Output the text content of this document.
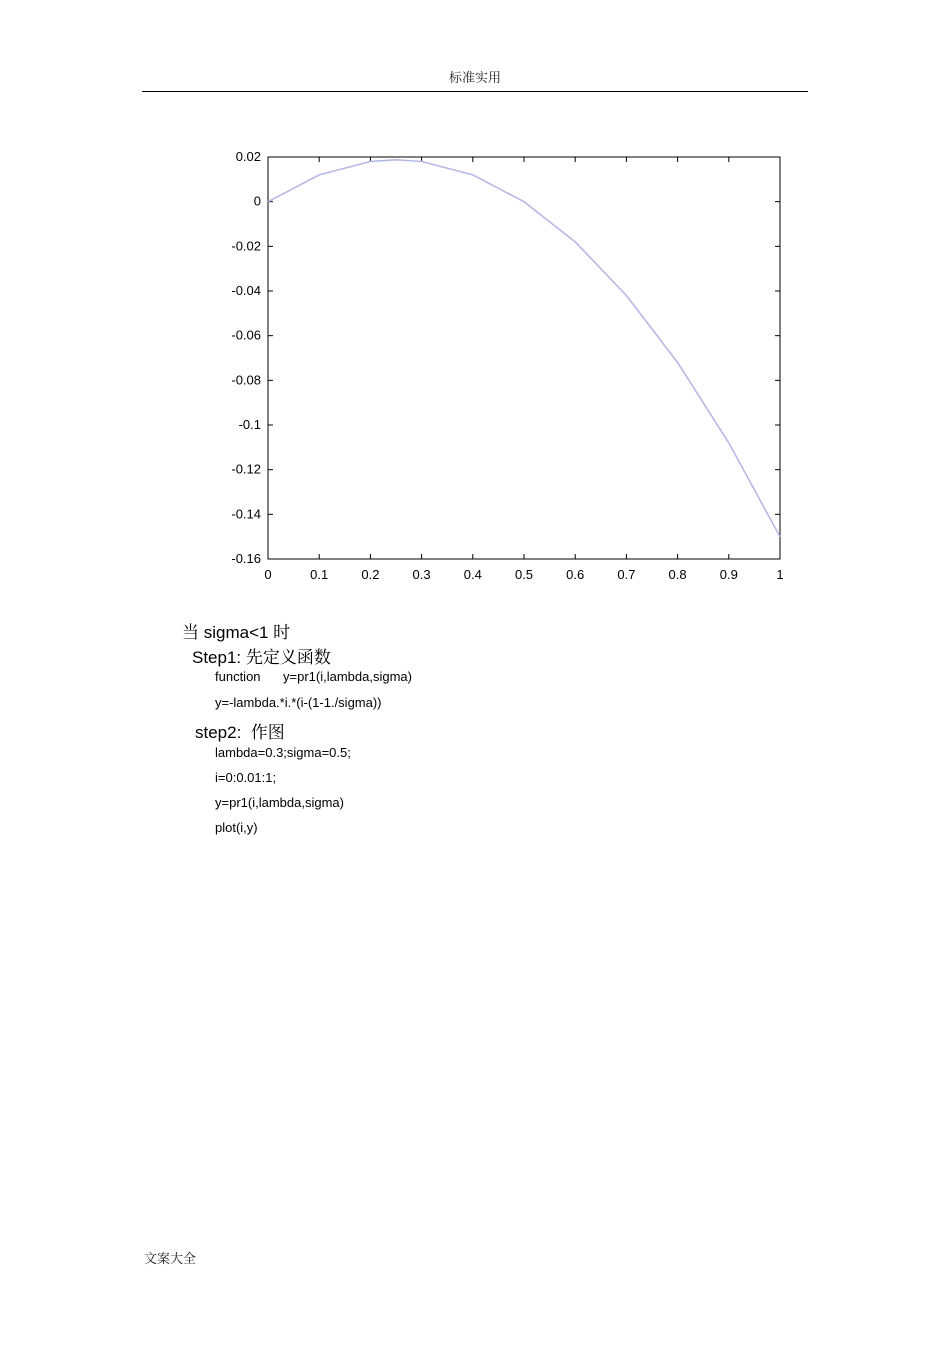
标准实用
0	0.1	0.2	0.3	0.4	0.5	0.6	0.7	0.8	0.9	1
0.02
0
-0.02
-0.04
-0.06
-0.08
-0.1
-0.12
-0.14
-0.16
当 sigma<1 时
Step1: 先定义函数
function y=pr1(i,lambda,sigma)
y=-lambda.*i.*(i-(1-1./sigma))
step2:  作图
lambda=0.3;sigma=0.5;
i=0:0.01:1;
y=pr1(i,lambda,sigma)
plot(i,y)
文案大全
